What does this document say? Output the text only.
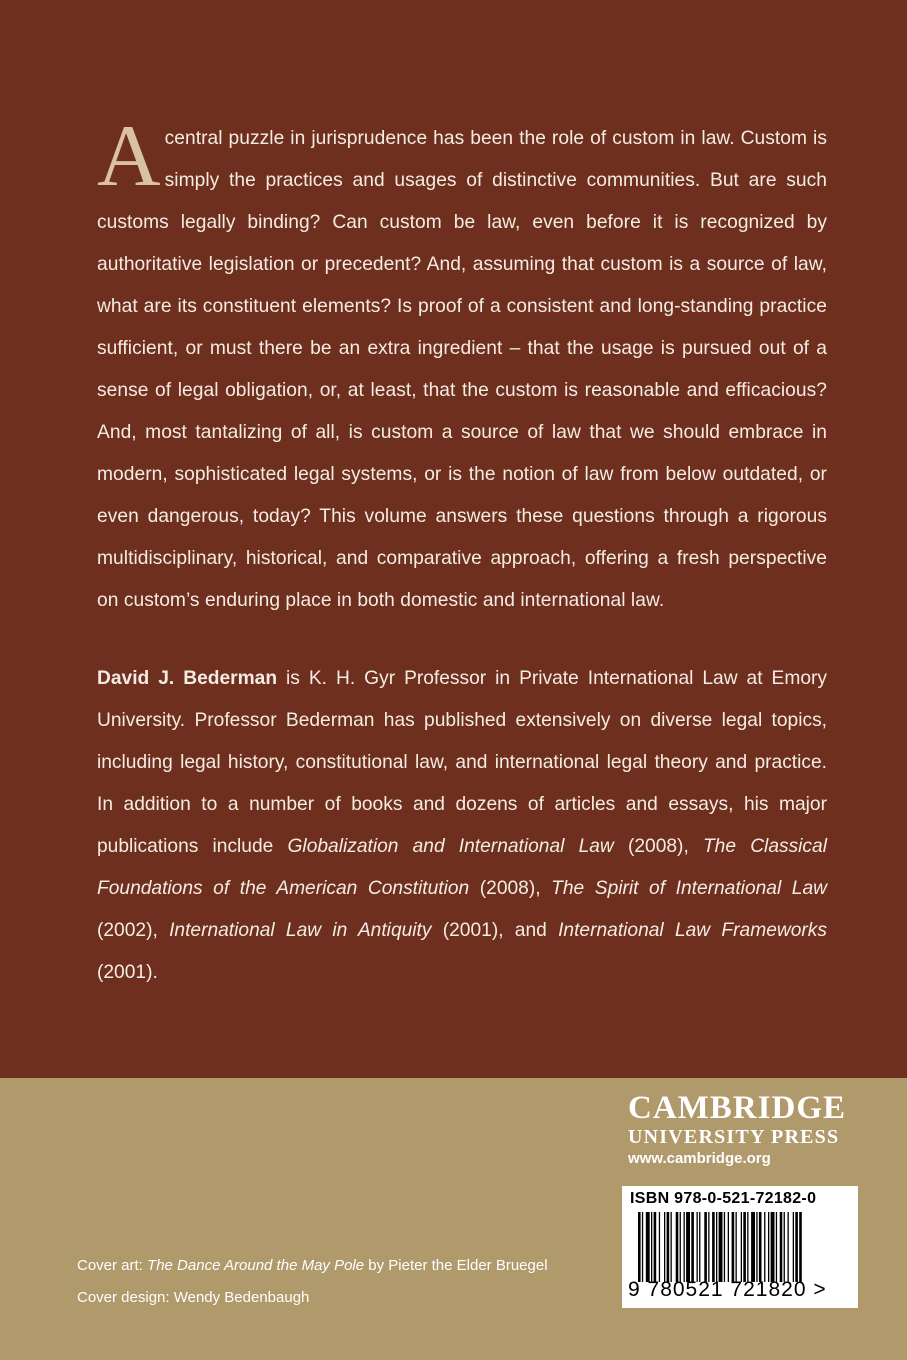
Acentral puzzle in jurisprudence has been the role of custom in law. Custom is simply the practices and usages of distinctive communities. But are such customs legally binding? Can custom be law, even before it is recognized by authoritative legislation or precedent? And, assuming that custom is a source of law, what are its constituent elements? Is proof of a consistent and long-standing practice sufficient, or must there be an extra ingredient – that the usage is pursued out of a sense of legal obligation, or, at least, that the custom is reasonable and efficacious? And, most tantalizing of all, is custom a source of law that we should embrace in modern, sophisticated legal systems, or is the notion of law from below outdated, or even dangerous, today? This volume answers these questions through a rigorous multidisciplinary, historical, and comparative approach, offering a fresh perspective on custom’s enduring place in both domestic and international law.
David J. Bederman is K. H. Gyr Professor in Private International Law at Emory University. Professor Bederman has published extensively on diverse legal topics, including legal history, constitutional law, and international legal theory and practice. In addition to a number of books and dozens of articles and essays, his major publications include Globalization and International Law (2008), The Classical Foundations of the American Constitution (2008), The Spirit of International Law (2002), International Law in Antiquity (2001), and International Law Frameworks (2001).
CAMBRIDGE
UNIVERSITY PRESS
www.cambridge.org
ISBN 978-0-521-72182-0
9 780521 721820 >
Cover art: The Dance Around the May Pole by Pieter the Elder Bruegel
Cover design: Wendy Bedenbaugh
